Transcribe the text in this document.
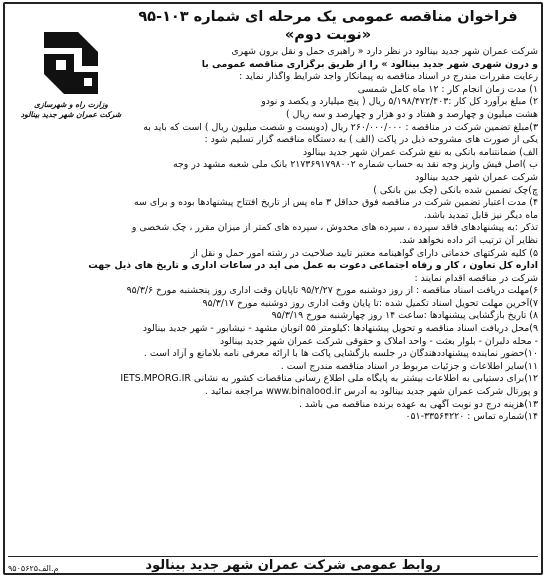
فراخوان مناقصه عمومی یک مرحله ای شماره ۱۰۳-۹۵
«نوبت دوم»
وزارت راه و شهرسازی
شرکت عمران شهر جدید بینالود
شرکت عمران شهر جدید بینالود در نظر دارد « راهبری حمل و نقل برون شهری
و درون شهری شهر جدید بینالود » را از طریق برگزاری مناقصه عمومی با
رعایت مقررات مندرج در اسناد مناقصه به پیمانکار واجد شرایط واگذار نماید :
۱) مدت زمان انجام کار : ۱۲ ماه کامل شمسی
۲) مبلغ برآورد کل کار :۵/۱۹۸/۴۷۲/۴۰۳ ریال ( پنج میلیارد و یکصد و نودو
هشت میلیون و چهارصد و هفتاد و دو هزار و چهارصد و سه ریال )
۳)مبلغ تضمین شرکت در مناقصه : ۲۶۰/۰۰۰/۰۰۰ ریال (دویست و شصت میلیون ریال ) است که باید به
یکی از صورت های مشروحه ذیل در پاکت (الف ) به دستگاه مناقصه گزار تسلیم شود :
الف) ضمانتنامه بانکی به نفع شرکت عمران شهر جدید بینالود
ب )اصل فیش واریز وجه نقد به حساب شماره ۲۱۷۳۶۹۱۷۹۸۰۰۲ بانک ملی شعبه مشهد در وجه
شرکت عمران شهر جدید بینالود
چ)چک تضمین شده بانکی (چک بین بانکی )
۴) مدت اعتبار تضمین شرکت در مناقصه فوق حداقل ۳ ماه پس از تاریخ افتتاح پیشنهادها بوده و برای سه
ماه دیگر نیز قابل تمدید باشد.
تذکر :به پیشنهادهای فاقد سپرده ، سپرده های مخدوش ، سپرده های کمتر از میزان مقرر ، چک شخصی و
نظایر آن ترتیب اثر داده نخواهد شد.
۵) کلیه شرکتهای خدماتی دارای گواهینامه معتبر تایید صلاحیت در رشته امور حمل و نقل از
اداره کل تعاون ، کار و رفاه اجتماعی دعوت به عمل می آید در ساعات اداری و تاریخ های ذیل جهت
شرکت در مناقصه اقدام نمایند :
۶)مهلت دریافت اسناد مناقصه : از روز دوشنبه مورخ ۹۵/۲/۲۷ تاپایان وقت اداری روز پنجشنبه مورخ ۹۵/۳/۶
۷)آخرین مهلت تحویل اسناد تکمیل شده :تا پایان وقت اداری روز دوشنبه مورخ ۹۵/۳/۱۷
۸) تاریخ بازگشایی پیشنهادها :ساعت ۱۴ روز چهارشنبه مورخ ۹۵/۳/۱۹
۹)محل دریافت اسناد مناقصه و تحویل پیشنهادها :کیلومتر ۵۵ اتوبان مشهد - نیشابور - شهر جدید بینالود
- محله دلبران - بلوار بعثت - واحد املاک و حقوقی شرکت عمران شهر جدید بینالود
۱۰)حضور نماینده پیشنهاددهندگان در جلسه بازگشایی پاکت ها با ارائه معرفی نامه بلامانع و آزاد است .
۱۱)سایر اطلاعات و جزئیات مربوط در اسناد مناقصه مندرج است .
۱۲)برای دستیابی به اطلاعات بیشتر به پایگاه ملی اطلاع رسانی مناقصات کشور به نشانی IETS.MPORG.IR
و پورتال شرکت عمران شهر جدید بینالود به آدرس www.binalood.ir مراجعه نمائید .
۱۳)هزینه درج دو نوبت آگهی به عهده برنده مناقصه می باشد .
۱۴)شماره تماس : ۳۳۵۶۴۲۲۰-۰۵۱
روابط عمومی شرکت عمران شهر جدید بینالود
م.الف۹۵۰۵۶۲۵
